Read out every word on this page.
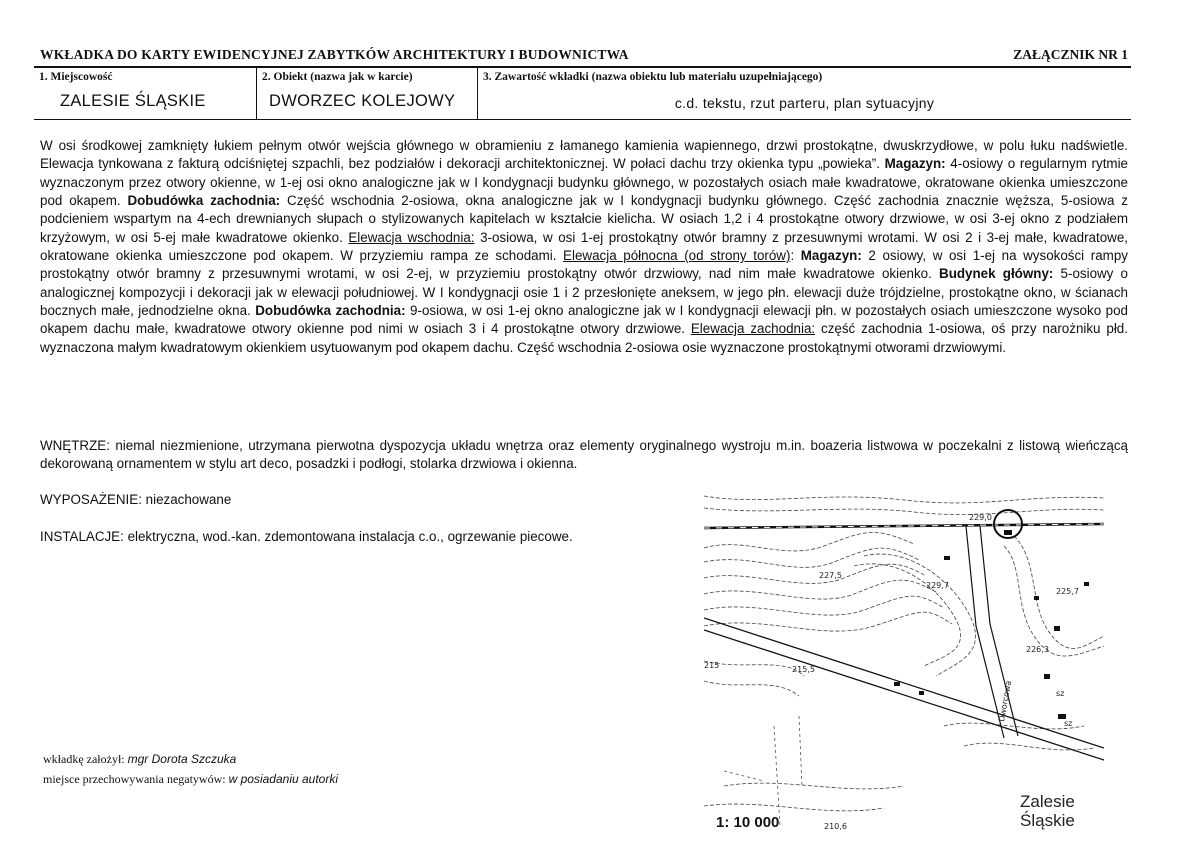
WKŁADKA DO KARTY EWIDENCYJNEJ ZABYTKÓW ARCHITEKTURY I BUDOWNICTWA	ZAŁĄCZNIK NR 1
1. Miejscowość
ZALESIE ŚLĄSKIE
2. Obiekt (nazwa jak w karcie)
DWORZEC KOLEJOWY
3. Zawartość wkładki (nazwa obiektu lub materiału uzupełniającego)
c.d. tekstu, rzut parteru, plan sytuacyjny
W osi środkowej zamknięty łukiem pełnym otwór wejścia głównego w obramieniu z łamanego kamienia wapiennego, drzwi prostokątne, dwuskrzydłowe, w polu łuku nadświetle. Elewacja tynkowana z fakturą odciśniętej szpachli, bez podziałów i dekoracji architektonicznej. W połaci dachu trzy okienka typu „powieka”. Magazyn: 4-osiowy o regularnym rytmie wyznaczonym przez otwory okienne, w 1-ej osi okno analogiczne jak w I kondygnacji budynku głównego, w pozostałych osiach małe kwadratowe, okratowane okienka umieszczone pod okapem. Dobudówka zachodnia: Część wschodnia 2-osiowa, okna analogiczne jak w I kondygnacji budynku głównego. Część zachodnia znacznie węższa, 5-osiowa z podcieniem wspartym na 4-ech drewnianych słupach o stylizowanych kapitelach w kształcie kielicha. W osiach 1,2 i 4 prostokątne otwory drzwiowe, w osi 3-ej okno z podziałem krzyżowym, w osi 5-ej małe kwadratowe okienko. Elewacja wschodnia: 3-osiowa, w osi 1-ej prostokątny otwór bramny z przesuwnymi wrotami. W osi 2 i 3-ej małe, kwadratowe, okratowane okienka umieszczone pod okapem. W przyziemiu rampa ze schodami. Elewacja północna (od strony torów): Magazyn: 2 osiowy, w osi 1-ej na wysokości rampy prostokątny otwór bramny z przesuwnymi wrotami, w osi 2-ej, w przyziemiu prostokątny otwór drzwiowy, nad nim małe kwadratowe okienko. Budynek główny: 5-osiowy o analogicznej kompozycji i dekoracji jak w elewacji południowej. W I kondygnacji osie 1 i 2 przesłonięte aneksem, w jego płn. elewacji duże trójdzielne, prostokątne okno, w ścianach bocznych małe, jednodzielne okna. Dobudówka zachodnia: 9-osiowa, w osi 1-ej okno analogiczne jak w I kondygnacji elewacji płn. w pozostałych osiach umieszczone wysoko pod okapem dachu małe, kwadratowe otwory okienne pod nimi w osiach 3 i 4 prostokątne otwory drzwiowe. Elewacja zachodnia: część zachodnia 1-osiowa, oś przy narożniku płd. wyznaczona małym kwadratowym okienkiem usytuowanym pod okapem dachu. Część wschodnia 2-osiowa osie wyznaczone prostokątnymi otworami drzwiowymi.
WNĘTRZE: niemal niezmienione, utrzymana pierwotna dyspozycja układu wnętrza oraz elementy oryginalnego wystroju m.in. boazeria listwowa w poczekalni z listową wieńczącą dekorowaną ornamentem w stylu art deco, posadzki i podłogi, stolarka drzwiowa i okienna.
WYPOSAŻENIE: niezachowane
INSTALACJE: elektryczna, wod.-kan. zdemontowana instalacja c.o., ogrzewanie piecowe.
wkładkę założył: mgr Dorota Szczuka
miejsce przechowywania negatywów: w posiadaniu autorki
229,0
227,5
229,7
225,7
226,3
215	215,5
210,6
sz
sz
Dworcowa
1: 10 000
Zalesie
Śląskie
